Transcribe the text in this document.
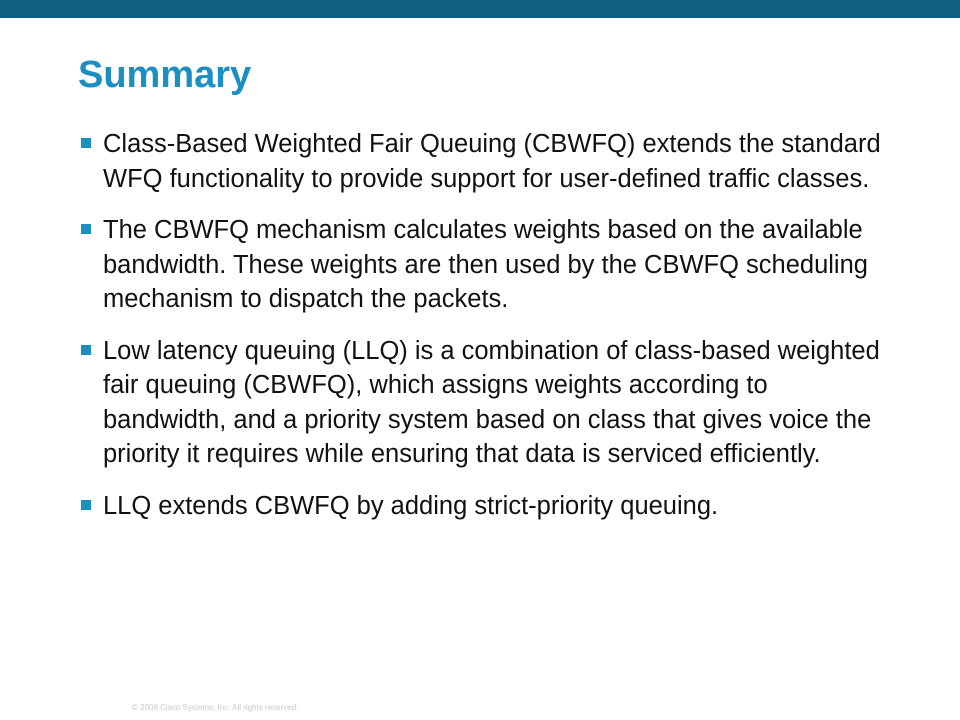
Summary
Class-Based Weighted Fair Queuing (CBWFQ) extends the standard WFQ functionality to provide support for user-defined traffic classes.
The CBWFQ mechanism calculates weights based on the available bandwidth. These weights are then used by the CBWFQ scheduling mechanism to dispatch the packets.
Low latency queuing (LLQ) is a combination of class-based weighted fair queuing (CBWFQ), which assigns weights according to bandwidth, and a priority system based on class that gives voice the priority it requires while ensuring that data is serviced efficiently.
LLQ extends CBWFQ by adding strict-priority queuing.
© 2006 Cisco Systems, Inc. All rights reserved.
